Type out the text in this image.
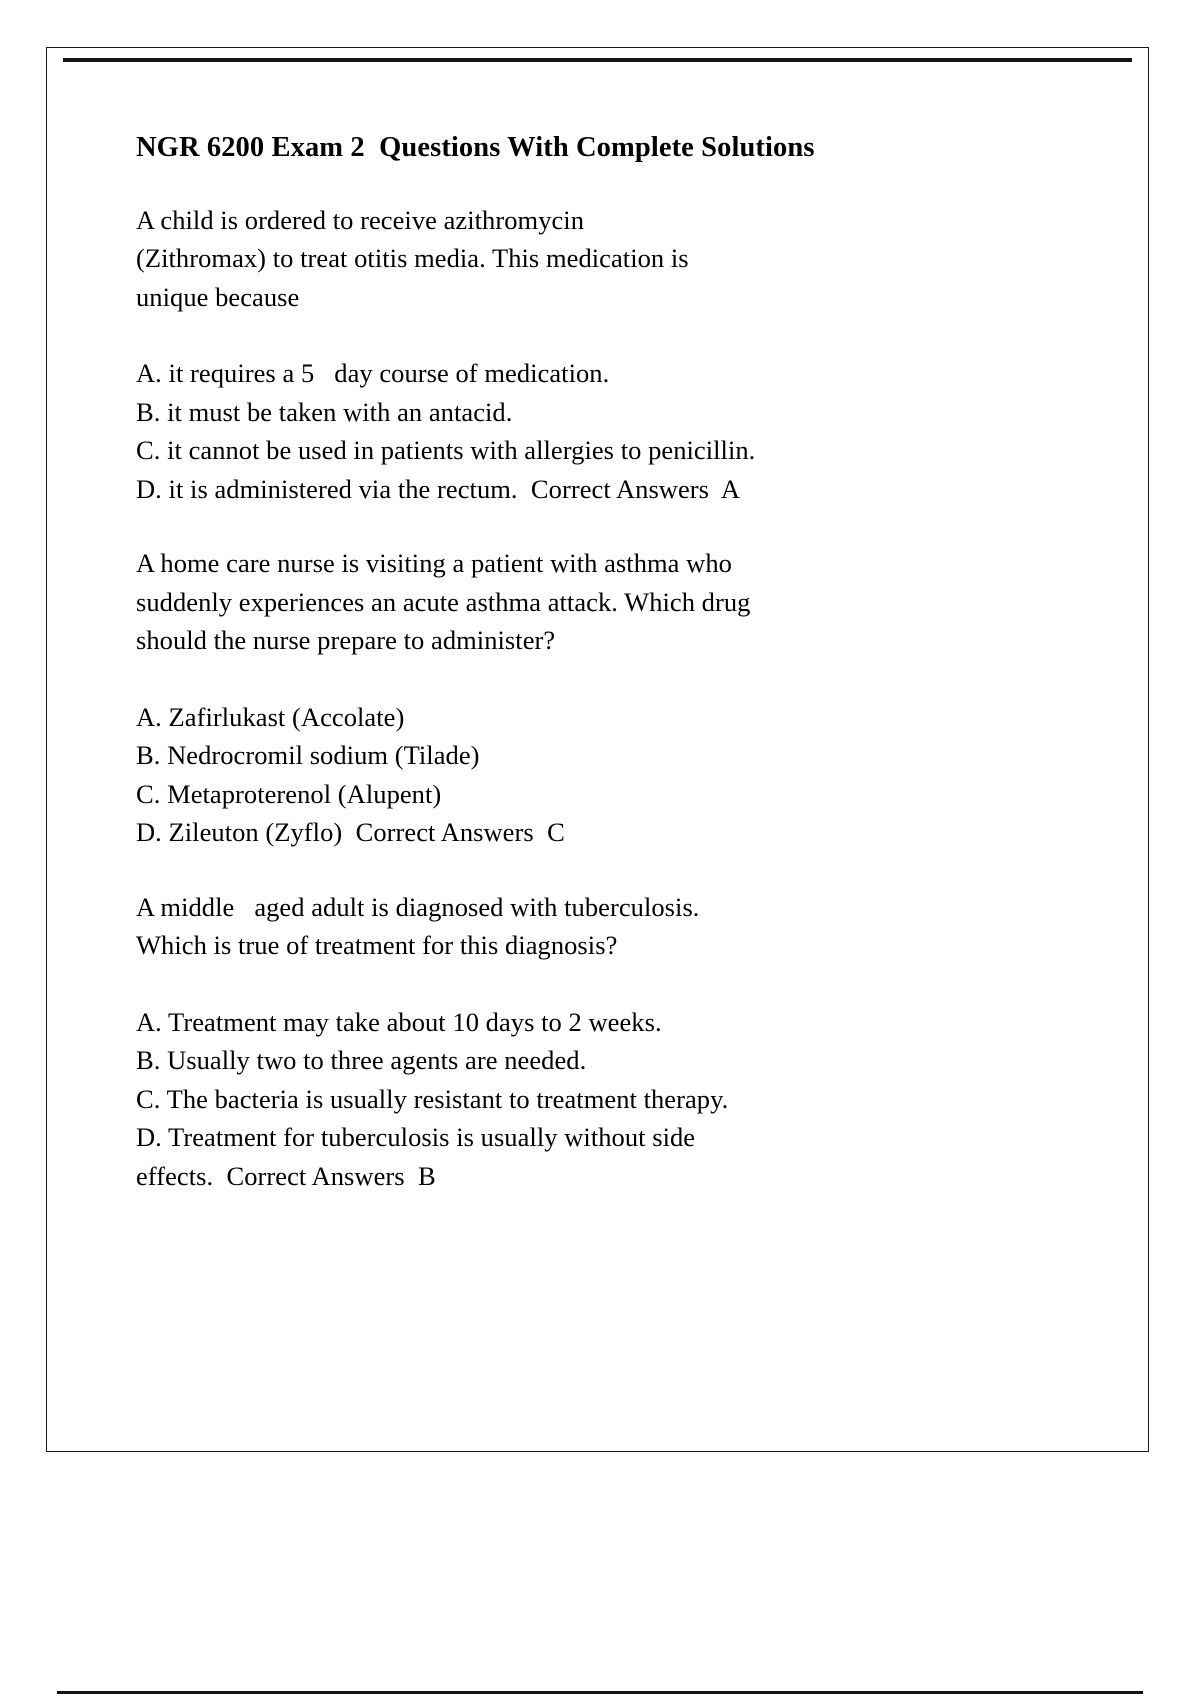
NGR 6200 Exam 2  Questions With Complete Solutions
A child is ordered to receive azithromycin
(Zithromax) to treat otitis media. This medication is
unique because
A. it requires a 5   day course of medication.
B. it must be taken with an antacid.
C. it cannot be used in patients with allergies to penicillin.
D. it is administered via the rectum.  Correct Answers  A
A home care nurse is visiting a patient with asthma who
suddenly experiences an acute asthma attack. Which drug
should the nurse prepare to administer?
A. Zafirlukast (Accolate)
B. Nedrocromil sodium (Tilade)
C. Metaproterenol (Alupent)
D. Zileuton (Zyflo)  Correct Answers  C
A middle   aged adult is diagnosed with tuberculosis.
Which is true of treatment for this diagnosis?
A. Treatment may take about 10 days to 2 weeks.
B. Usually two to three agents are needed.
C. The bacteria is usually resistant to treatment therapy.
D. Treatment for tuberculosis is usually without side
effects.  Correct Answers  B
